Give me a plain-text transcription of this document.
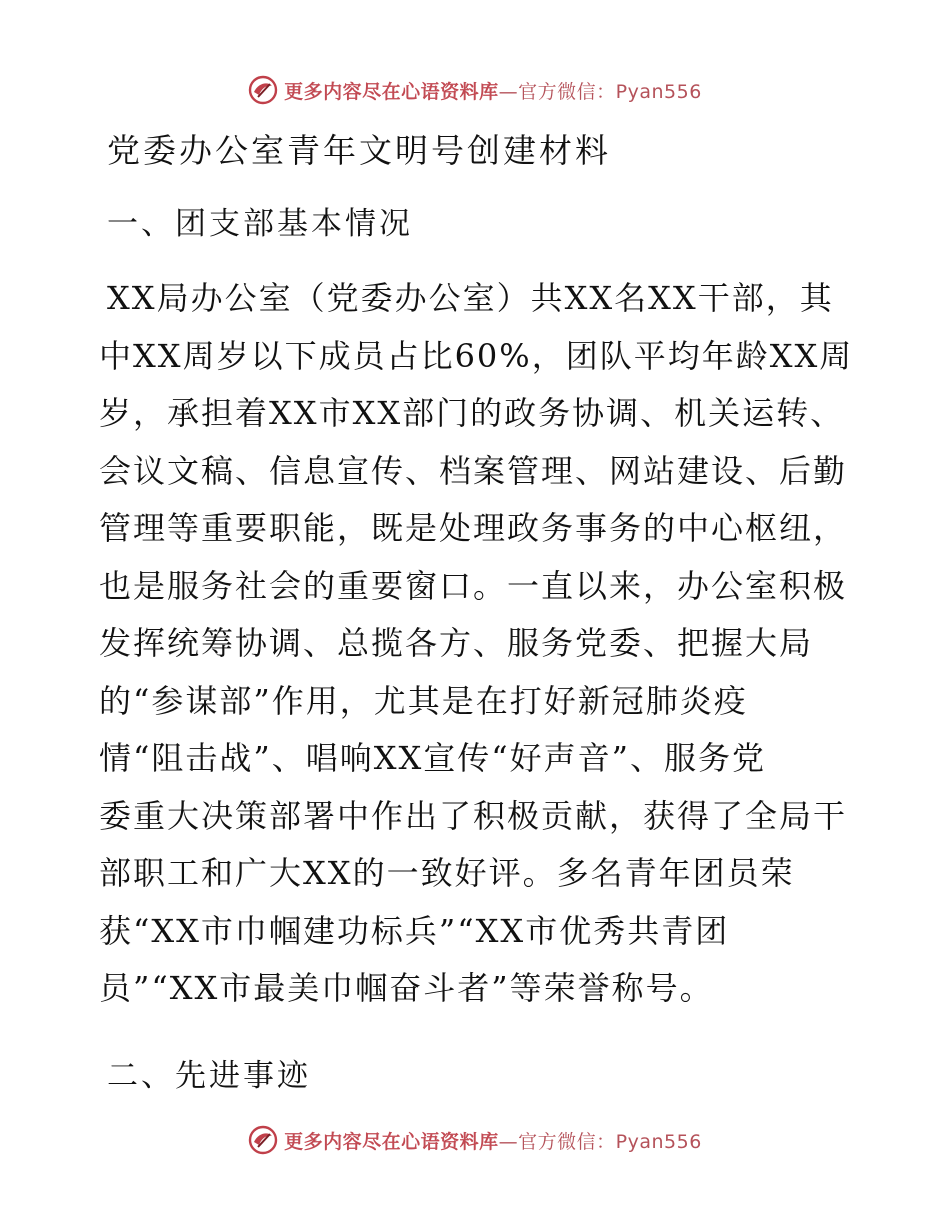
更多内容尽在心语资料库—官方微信：Pyan556
党委办公室青年文明号创建材料
一、团支部基本情况
XX局办公室（党委办公室）共XX名XX干部，其
中XX周岁以下成员占比60%，团队平均年龄XX周
岁，承担着XX市XX部门的政务协调、机关运转、
会议文稿、信息宣传、档案管理、网站建设、后勤
管理等重要职能，既是处理政务事务的中心枢纽，
也是服务社会的重要窗口。一直以来，办公室积极
发挥统筹协调、总揽各方、服务党委、把握大局
的“参谋部”作用，尤其是在打好新冠肺炎疫
情“阻击战”、唱响XX宣传“好声音”、服务党
委重大决策部署中作出了积极贡献，获得了全局干
部职工和广大XX的一致好评。多名青年团员荣
获“XX市巾帼建功标兵”“XX市优秀共青团
员”“XX市最美巾帼奋斗者”等荣誉称号。
二、先进事迹
更多内容尽在心语资料库—官方微信：Pyan556
